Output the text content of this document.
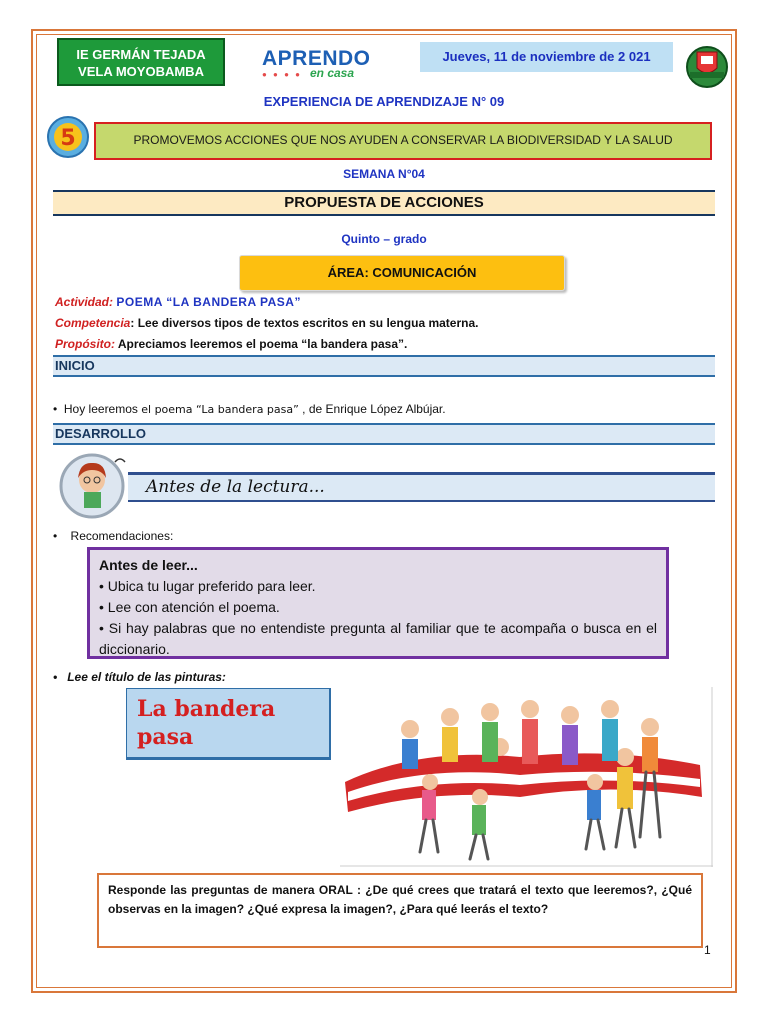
IE GERMÁN TEJADA
VELA MOYOBAMBA
APRENDO
● ● ● ● en casa
Jueves, 11 de noviembre de 2 021
EXPERIENCIA DE APRENDIZAJE N° 09
5	PROMOVEMOS ACCIONES QUE NOS AYUDEN A CONSERVAR LA BIODIVERSIDAD Y LA SALUD
SEMANA N°04
PROPUESTA DE ACCIONES
Quinto – grado
ÁREA: COMUNICACIÓN
Actividad: POEMA “LA BANDERA PASA”
Competencia: Lee diversos tipos de textos escritos en su lengua materna.
Propósito: Apreciamos leeremos el poema “la bandera pasa”.
INICIO
• Hoy leeremos el poema “La bandera pasa” , de Enrique López Albújar.
DESARROLLO
Antes de la lectura...
• Recomendaciones:
Antes de leer...
• Ubica tu lugar preferido para leer.
• Lee con atención el poema.
• Si hay palabras que no entendiste pregunta al familiar que te acompaña o busca en el diccionario.
• Lee el título de las pinturas:
La bandera
pasa
Responde las preguntas de manera ORAL : ¿De qué crees que tratará el texto que leeremos?, ¿Qué observas en la imagen? ¿Qué expresa la imagen?, ¿Para qué leerás el texto?
1
